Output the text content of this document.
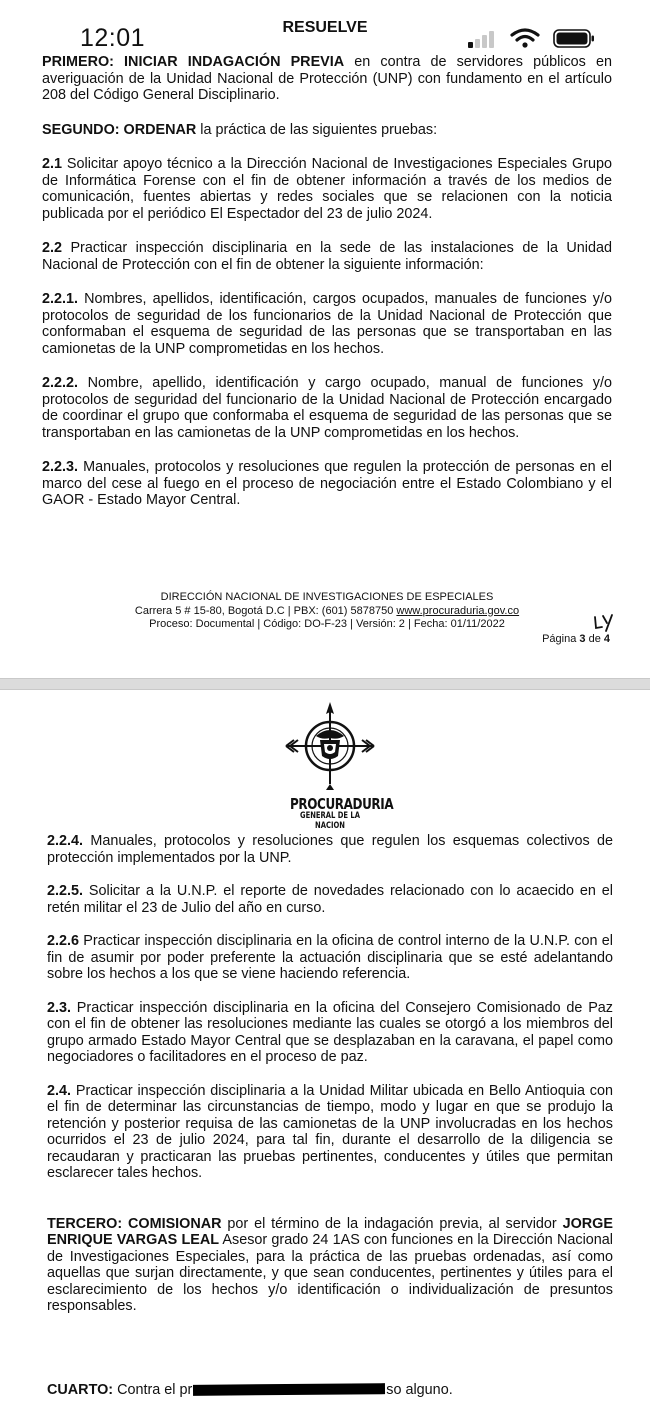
12:01	RESUELVE

PRIMERO: INICIAR INDAGACIÓN PREVIA en contra de servidores públicos en averiguación de la Unidad Nacional de Protección (UNP) con fundamento en el artículo 208 del Código General Disciplinario.

SEGUNDO: ORDENAR la práctica de las siguientes pruebas:

2.1 Solicitar apoyo técnico a la Dirección Nacional de Investigaciones Especiales Grupo de Informática Forense con el fin de obtener información a través de los medios de comunicación, fuentes abiertas y redes sociales que se relacionen con la noticia publicada por el periódico El Espectador del 23 de julio 2024.

2.2 Practicar inspección disciplinaria en la sede de las instalaciones de la Unidad Nacional de Protección con el fin de obtener la siguiente información:

2.2.1. Nombres, apellidos, identificación, cargos ocupados, manuales de funciones y/o protocolos de seguridad de los funcionarios de la Unidad Nacional de Protección que conformaban el esquema de seguridad de las personas que se transportaban en las camionetas de la UNP comprometidas en los hechos.

2.2.2. Nombre, apellido, identificación y cargo ocupado, manual de funciones y/o protocolos de seguridad del funcionario de la Unidad Nacional de Protección encargado de coordinar el grupo que conformaba el esquema de seguridad de las personas que se transportaban en las camionetas de la UNP comprometidas en los hechos.

2.2.3. Manuales, protocolos y resoluciones que regulen la protección de personas en el marco del cese al fuego en el proceso de negociación entre el Estado Colombiano y el GAOR - Estado Mayor Central.

DIRECCIÓN NACIONAL DE INVESTIGACIONES DE ESPECIALES
Carrera 5 # 15-80, Bogotá D.C | PBX: (601) 5878750 www.procuraduria.gov.co
Proceso: Documental | Código: DO-F-23 | Versión: 2 | Fecha: 01/11/2022
Página 3 de 4
PROCURADURIA
GENERAL DE LA NACION

2.2.4. Manuales, protocolos y resoluciones que regulen los esquemas colectivos de protección implementados por la UNP.

2.2.5. Solicitar a la U.N.P. el reporte de novedades relacionado con lo acaecido en el retén militar el 23 de Julio del año en curso.

2.2.6 Practicar inspección disciplinaria en la oficina de control interno de la U.N.P. con el fin de asumir por poder preferente la actuación disciplinaria que se esté adelantando sobre los hechos a los que se viene haciendo referencia.

2.3. Practicar inspección disciplinaria en la oficina del Consejero Comisionado de Paz con el fin de obtener las resoluciones mediante las cuales se otorgó a los miembros del grupo armado Estado Mayor Central que se desplazaban en la caravana, el papel como negociadores o facilitadores en el proceso de paz.

2.4. Practicar inspección disciplinaria a la Unidad Militar ubicada en Bello Antioquia con el fin de determinar las circunstancias de tiempo, modo y lugar en que se produjo la retención y posterior requisa de las camionetas de la UNP involucradas en los hechos ocurridos el 23 de julio 2024, para tal fin, durante el desarrollo de la diligencia se recaudaran y practicaran las pruebas pertinentes, conducentes y útiles que permitan esclarecer tales hechos.

TERCERO: COMISIONAR por el término de la indagación previa, al servidor JORGE ENRIQUE VARGAS LEAL Asesor grado 24 1AS con funciones en la Dirección Nacional de Investigaciones Especiales, para la práctica de las pruebas ordenadas, así como aquellas que surjan directamente, y que sean conducentes, pertinentes y útiles para el esclarecimiento de los hechos y/o identificación o individualización de presuntos responsables.

CUARTO: Contra el pr	so alguno.
